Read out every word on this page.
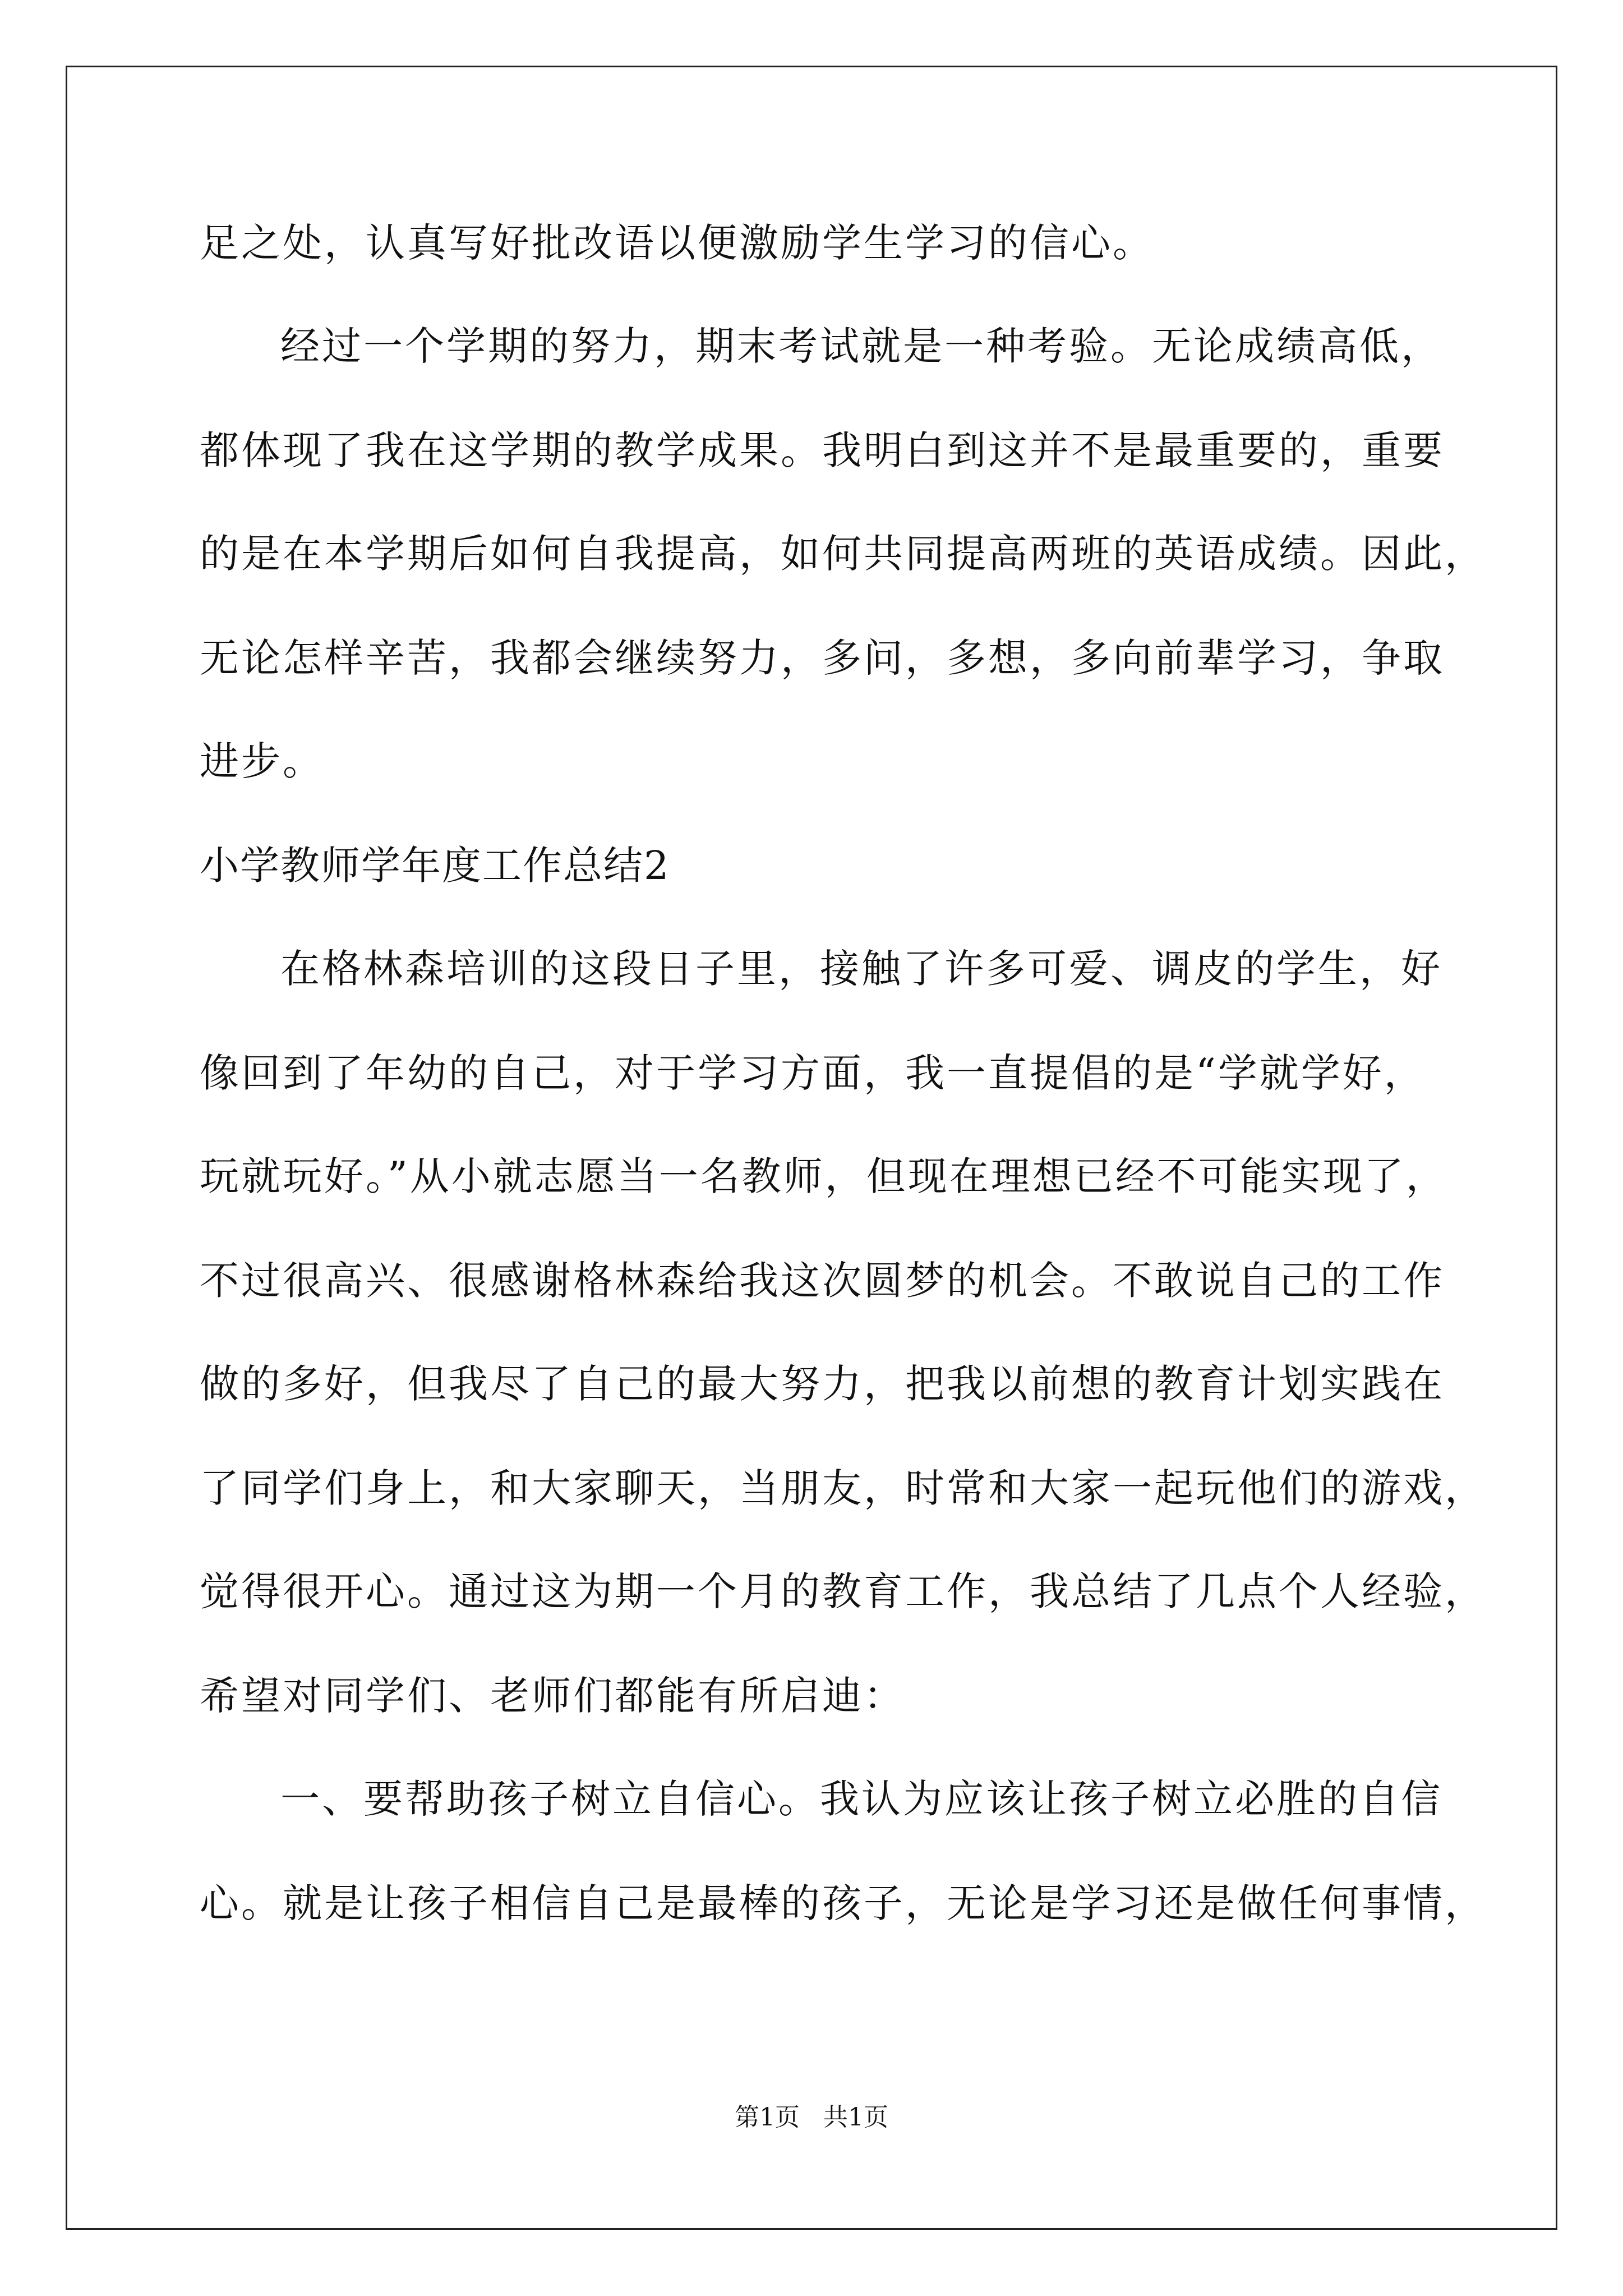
足之处，认真写好批改语以便激励学生学习的信心。
经过一个学期的努力，期末考试就是一种考验。无论成绩高低，
都体现了我在这学期的教学成果。我明白到这并不是最重要的，重要
的是在本学期后如何自我提高，如何共同提高两班的英语成绩。因此，
无论怎样辛苦，我都会继续努力，多问，多想，多向前辈学习，争取
进步。
小学教师学年度工作总结2
在格林森培训的这段日子里，接触了许多可爱、调皮的学生，好
像回到了年幼的自己，对于学习方面，我一直提倡的是“学就学好，
玩就玩好。”从小就志愿当一名教师，但现在理想已经不可能实现了，
不过很高兴、很感谢格林森给我这次圆梦的机会。不敢说自己的工作
做的多好，但我尽了自己的最大努力，把我以前想的教育计划实践在
了同学们身上，和大家聊天，当朋友，时常和大家一起玩他们的游戏，
觉得很开心。通过这为期一个月的教育工作，我总结了几点个人经验，
希望对同学们、老师们都能有所启迪：
一、要帮助孩子树立自信心。我认为应该让孩子树立必胜的自信
心。就是让孩子相信自己是最棒的孩子，无论是学习还是做任何事情，
第1页   共1页
